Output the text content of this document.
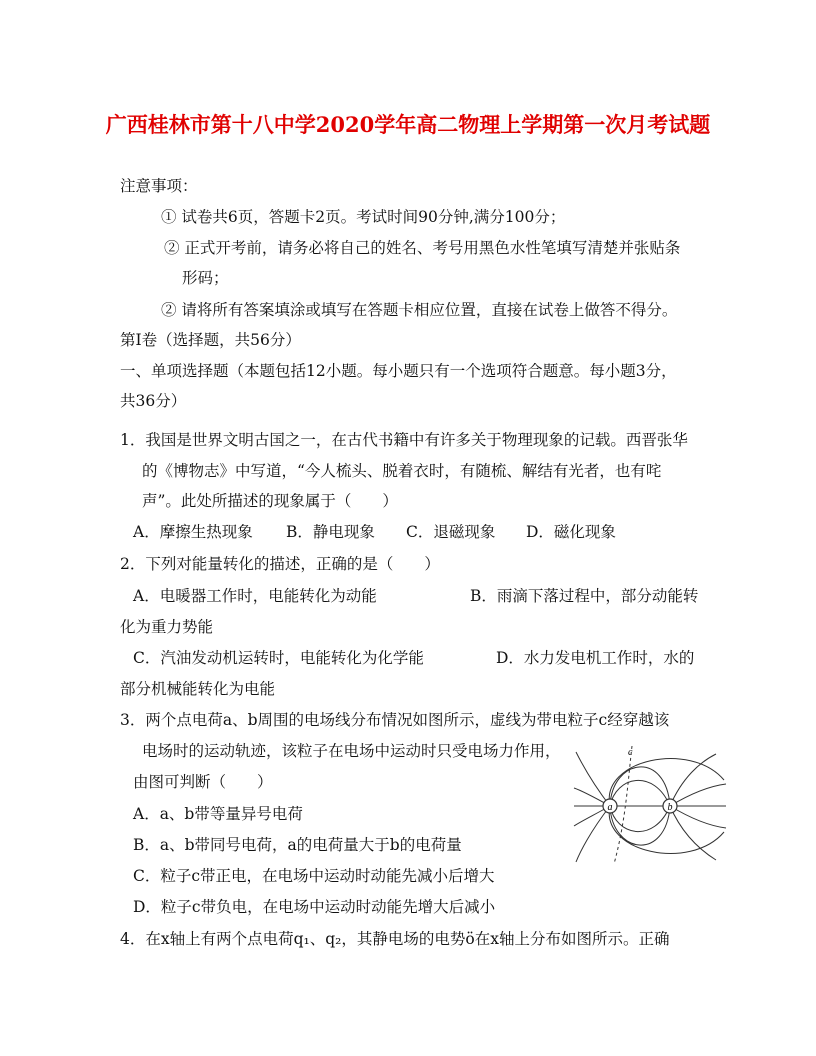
广西桂林市第十八中学2020学年高二物理上学期第一次月考试题
注意事项：
① 试卷共6页，答题卡2页。考试时间90分钟,满分100分；
② 正式开考前，请务必将自己的姓名、考号用黑色水性笔填写清楚并张贴条
形码；
② 请将所有答案填涂或填写在答题卡相应位置，直接在试卷上做答不得分。
第Ⅰ卷（选择题，共56分）
一、单项选择题（本题包括12小题。每小题只有一个选项符合题意。每小题3分，
共36分）
1．我国是世界文明古国之一，在古代书籍中有许多关于物理现象的记载。西晋张华
的《博物志》中写道，“今人梳头、脱着衣时，有随梳、解结有光者，也有咤
声”。此处所描述的现象属于（　　）
A．摩擦生热现象 B．静电现象 C．退磁现象 D．磁化现象
2．下列对能量转化的描述，正确的是（　　）
A．电暖器工作时，电能转化为动能	B．雨滴下落过程中，部分动能转
化为重力势能
C．汽油发动机运转时，电能转化为化学能	D．水力发电机工作时，水的
部分机械能转化为电能
3．两个点电荷a、b周围的电场线分布情况如图所示，虚线为带电粒子c经穿越该
电场时的运动轨迹，该粒子在电场中运动时只受电场力作用，
由图可判断（　　）
A．a、b带等量异号电荷
B．a、b带同号电荷，a的电荷量大于b的电荷量
C．粒子c带正电，在电场中运动时动能先减小后增大
D．粒子c带负电，在电场中运动时动能先增大后减小
a	b
c
4．在x轴上有两个点电荷q₁、q₂，其静电场的电势ö在x轴上分布如图所示。正确
